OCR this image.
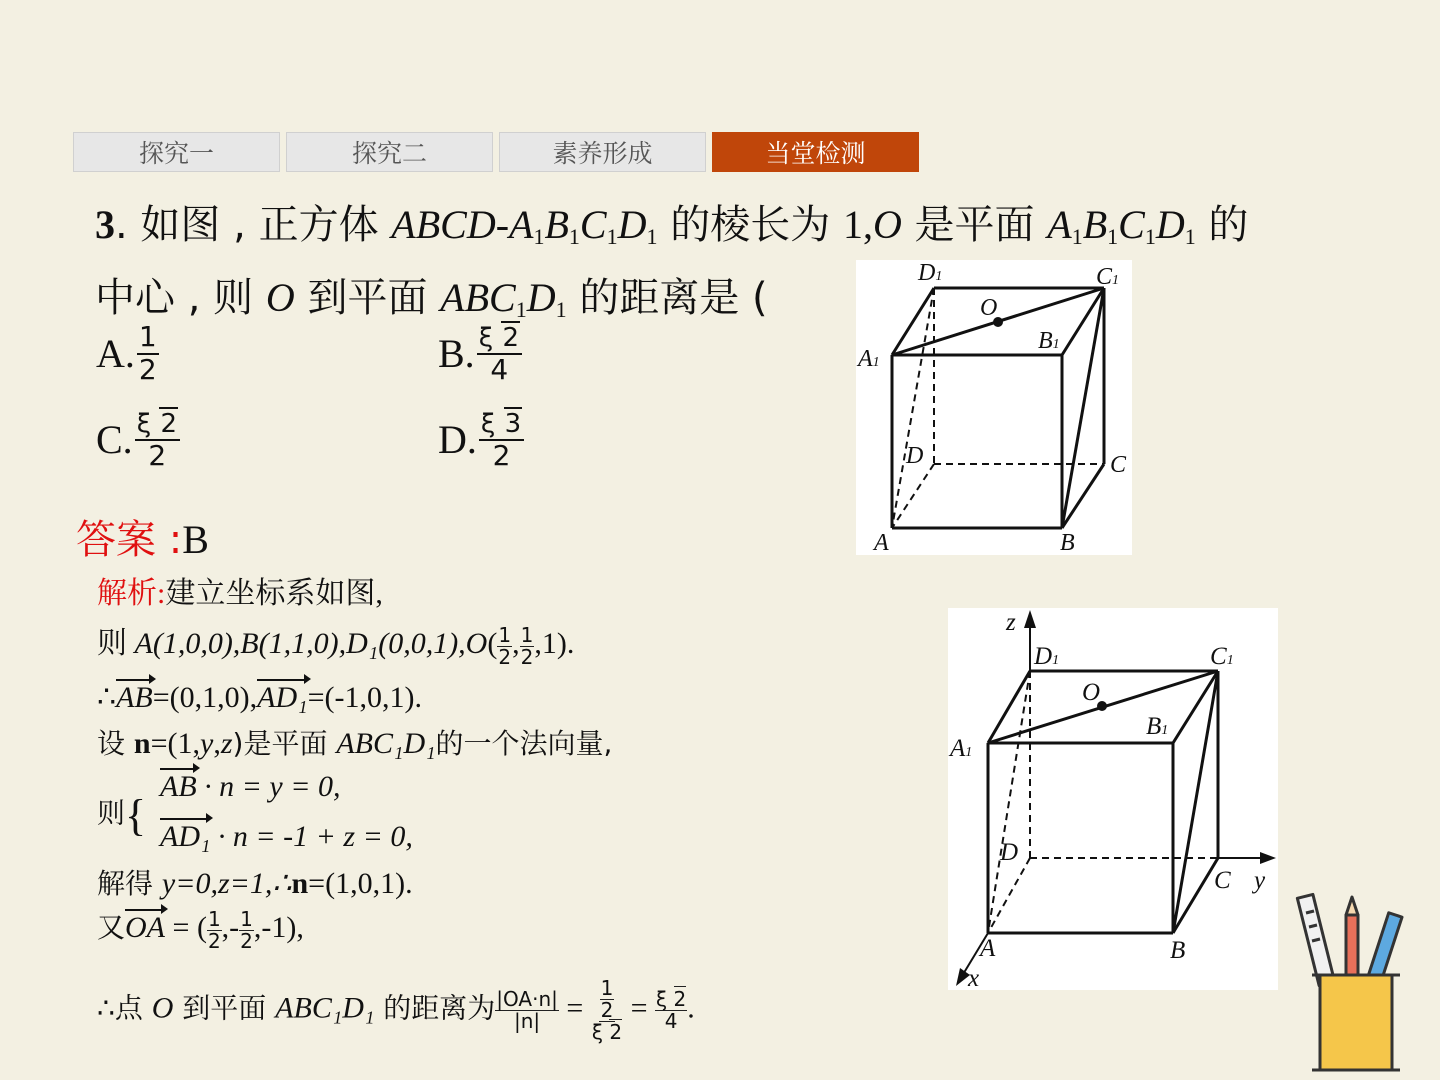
探究一	探究二	素养形成	当堂检测
3. 如图 , 正方体 ABCD-$A_1B_1C_1D_1$ 的棱长为 1,O 是平面 $A_1B_1C_1D_1$ 的
中心 , 则 O 到平面 $ABC_1D_1$ 的距离是 (
A. $\frac{1}{2}$	B. $\frac{\xi 2}{4}$
C. $\frac{\xi 2}{2}$	D. $\frac{\xi 3}{2}$
答案 :B
解析:建立坐标系如图,
则 $A(1,0,0),B(1,1,0),D_1(0,0,1),O( \frac{1}{2}$ , $\frac{1}{2} ,1$).
∴AB=(0,1,0),AD₁=(-1,0,1).
设 n=(1,y,z)是平面 ABC₁D₁的一个法向量,
则{
AB · n = y = 0,
AD₁ · n = -1 + z = 0,
解得 y=0,z=1,∴n=(1,0,1).
又OA = ( $\frac{1}{2}$ ,- $\frac{1}{2} ,-1$),
∴点 O 到平面 ABC₁D₁ 的距离为 $\frac{|OA\cdot n|}{|n|} = \frac{\frac{1}{2}}{\xi 2} = \frac{\xi 2}{4}$ .
D1	C1
O
B1
A1
D	C
A	B
z
D1	C1
O
B1
A1
D
C y
A	B
x
